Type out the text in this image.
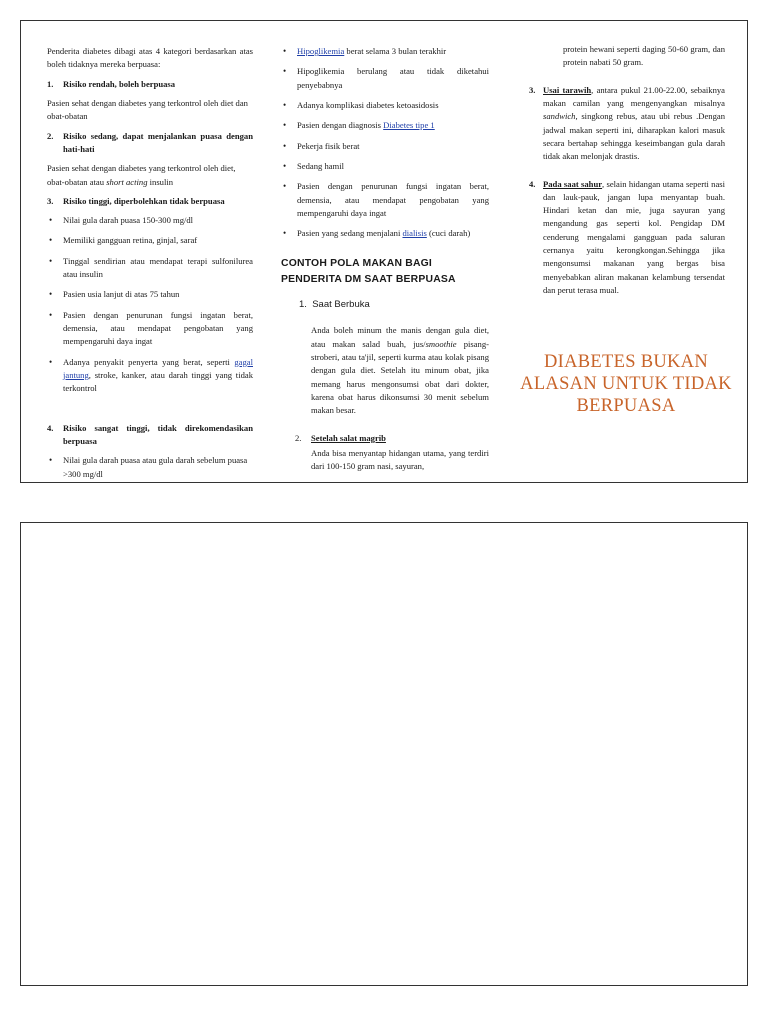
Penderita diabetes dibagi atas 4 kategori berdasarkan atas boleh tidaknya mereka berpuasa:

1.	Risiko rendah, boleh berpuasa

Pasien sehat dengan diabetes yang terkontrol oleh diet dan obat-obatan

2.	Risiko sedang, dapat menjalankan puasa dengan hati-hati

Pasien sehat dengan diabetes yang terkontrol oleh diet, obat-obatan atau short acting insulin

3.	Risiko tinggi, diperbolehkan tidak berpuasa
• Nilai gula darah puasa 150-300 mg/dl
• Memiliki gangguan retina, ginjal, saraf
• Tinggal sendirian atau mendapat terapi sulfonilurea atau insulin
• Pasien usia lanjut di atas 75 tahun
• Pasien dengan penurunan fungsi ingatan berat, demensia, atau mendapat pengobatan yang mempengaruhi daya ingat
• Adanya penyakit penyerta yang berat, seperti gagal jantung, stroke, kanker, atau darah tinggi yang tidak terkontrol
4.	Risiko sangat tinggi, tidak direkomendasikan berpuasa
• Nilai gula darah puasa atau gula darah sebelum puasa >300 mg/dl
• Hipoglikemia berat selama 3 bulan terakhir
• Hipoglikemia berulang atau tidak diketahui penyebabnya
• Adanya komplikasi diabetes ketoasidosis
• Pasien dengan diagnosis Diabetes tipe 1
• Pekerja fisik berat
• Sedang hamil
• Pasien dengan penurunan fungsi ingatan berat, demensia, atau mendapat pengobatan yang mempengaruhi daya ingat
• Pasien yang sedang menjalani dialisis (cuci darah)
CONTOH POLA MAKAN BAGI PENDERITA DM SAAT BERPUASA
1. Saat Berbuka

Anda boleh minum the manis dengan gula diet, atau makan salad buah, jus/smoothie pisang-stroberi, atau ta'jil, seperti kurma atau kolak pisang dengan gula diet. Setelah itu minum obat, jika memang harus mengonsumsi obat dari dokter, karena obat harus dikonsumsi 30 menit sebelum makan besar.

2.	Setelah salat magrib

Anda bisa menyantap hidangan utama, yang terdiri dari 100-150 gram nasi, sayuran,

protein hewani seperti daging 50-60 gram, dan protein nabati 50 gram.

3. Usai tarawih, antara pukul 21.00-22.00, sebaiknya makan camilan yang mengenyangkan misalnya sandwich, singkong rebus, atau ubi rebus .Dengan jadwal makan seperti ini, diharapkan kalori masuk secara bertahap sehingga keseimbangan gula darah tidak akan melonjak drastis.
4. Pada saat sahur, selain hidangan utama seperti nasi dan lauk-pauk, jangan lupa menyantap buah. Hindari ketan dan mie, juga sayuran yang mengandung gas seperti kol. Pengidap DM cenderung mengalami gangguan pada saluran cernanya yaitu kerongkongan.Sehingga jika mengonsumsi makanan yang bergas bisa menyebabkan aliran makanan kelambung tersendat dan perut terasa mual.
DIABETES BUKAN ALASAN UNTUK TIDAK BERPUASA
